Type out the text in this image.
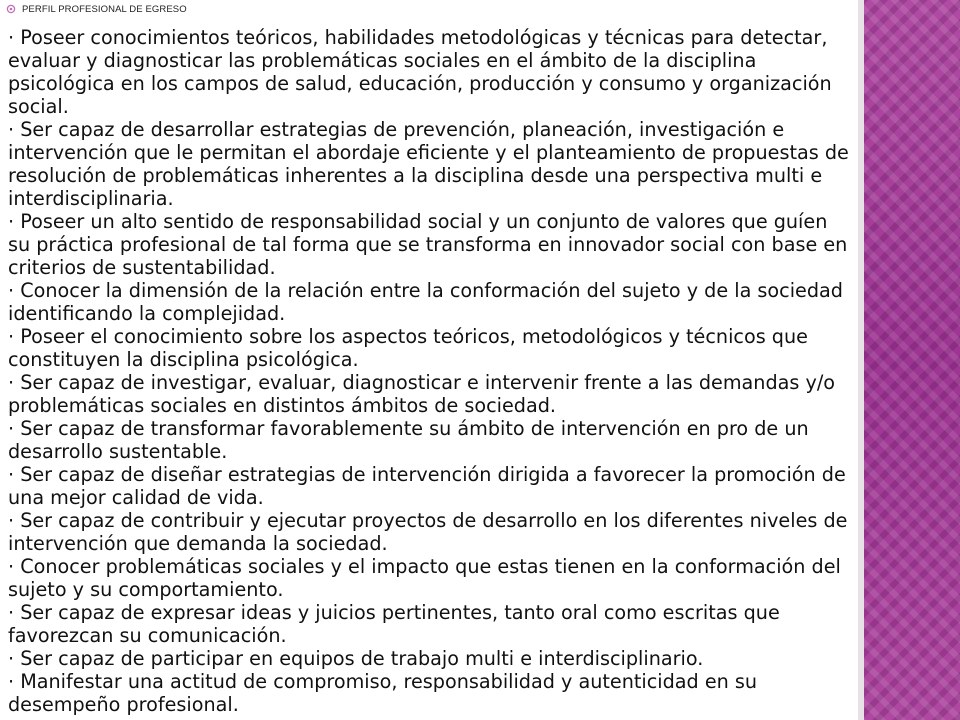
PERFIL PROFESIONAL DE EGRESO
· Poseer conocimientos teóricos, habilidades metodológicas y técnicas para detectar, evaluar y diagnosticar las problemáticas sociales en el ámbito de la disciplina psicológica en los campos de salud, educación, producción y consumo y organización social.
· Ser capaz de desarrollar estrategias de prevención, planeación, investigación e intervención que le permitan el abordaje eficiente y el planteamiento de propuestas de resolución de problemáticas inherentes a la disciplina desde una perspectiva multi e interdisciplinaria.
· Poseer un alto sentido de responsabilidad social y un conjunto de valores que guíen su práctica profesional de tal forma que se transforma en innovador social con base en criterios de sustentabilidad.
· Conocer la dimensión de la relación entre la conformación del sujeto y de la sociedad identificando la complejidad.
· Poseer el conocimiento sobre los aspectos teóricos, metodológicos y técnicos que constituyen la disciplina psicológica.
· Ser capaz de investigar, evaluar, diagnosticar e intervenir frente a las demandas y/o problemáticas sociales en distintos ámbitos de sociedad.
· Ser capaz de transformar favorablemente su ámbito de intervención en pro de un desarrollo sustentable.
· Ser capaz de diseñar estrategias de intervención dirigida a favorecer la promoción de una mejor calidad de vida.
· Ser capaz de contribuir y ejecutar proyectos de desarrollo en los diferentes niveles de intervención que demanda la sociedad.
· Conocer problemáticas sociales y el impacto que estas tienen en la conformación del sujeto y su comportamiento.
· Ser capaz de expresar ideas y juicios pertinentes, tanto oral como escritas que favorezcan su comunicación.
· Ser capaz de participar en equipos de trabajo multi e interdisciplinario.
· Manifestar una actitud de compromiso, responsabilidad y autenticidad en su desempeño profesional.
